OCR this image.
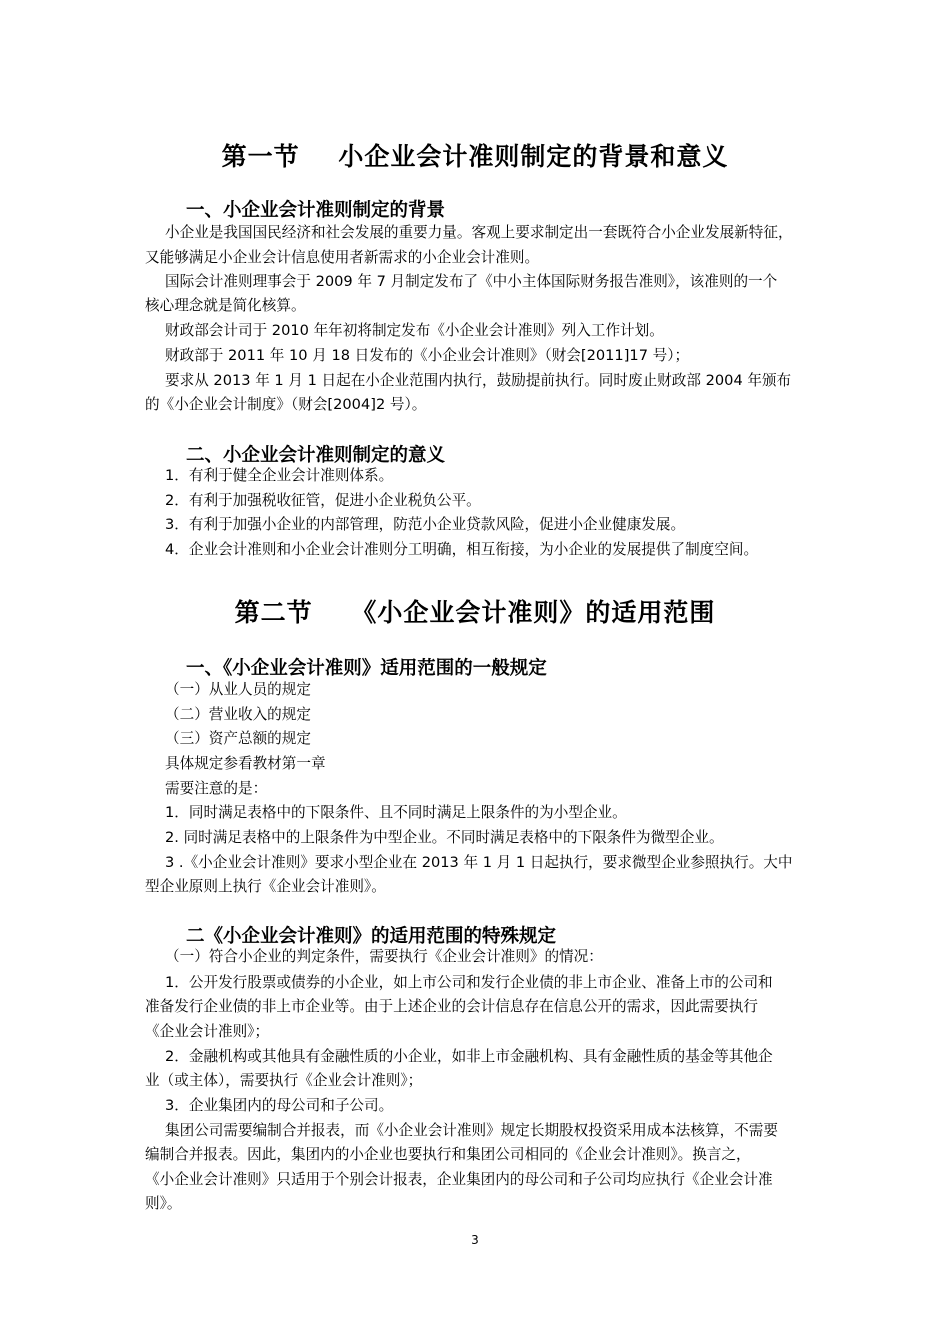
第一节    小企业会计准则制定的背景和意义
一、小企业会计准则制定的背景
小企业是我国国民经济和社会发展的重要力量。客观上要求制定出一套既符合小企业发展新特征，
又能够满足小企业会计信息使用者新需求的小企业会计准则。
国际会计准则理事会于 2009 年 7 月制定发布了《中小主体国际财务报告准则》，该准则的一个
核心理念就是简化核算。
财政部会计司于 2010 年年初将制定发布《小企业会计准则》列入工作计划。
财政部于 2011 年 10 月 18 日发布的《小企业会计准则》（财会[2011]17 号）；
要求从 2013 年 1 月 1 日起在小企业范围内执行，鼓励提前执行。同时废止财政部 2004 年颁布
的《小企业会计制度》（财会[2004]2 号）。
二、小企业会计准则制定的意义
1．有利于健全企业会计准则体系。
2．有利于加强税收征管，促进小企业税负公平。
3．有利于加强小企业的内部管理，防范小企业贷款风险，促进小企业健康发展。
4．企业会计准则和小企业会计准则分工明确，相互衔接，为小企业的发展提供了制度空间。
第二节    《小企业会计准则》的适用范围
一、《小企业会计准则》适用范围的一般规定
（一）从业人员的规定
（二）营业收入的规定
（三）资产总额的规定
具体规定参看教材第一章
需要注意的是：
1．同时满足表格中的下限条件、且不同时满足上限条件的为小型企业。
2. 同时满足表格中的上限条件为中型企业。不同时满足表格中的下限条件为微型企业。
3 .《小企业会计准则》要求小型企业在 2013 年 1 月 1 日起执行，要求微型企业参照执行。大中
型企业原则上执行《企业会计准则》。
二《小企业会计准则》的适用范围的特殊规定
（一）符合小企业的判定条件，需要执行《企业会计准则》的情况：
1．公开发行股票或债券的小企业，如上市公司和发行企业债的非上市企业、准备上市的公司和
准备发行企业债的非上市企业等。由于上述企业的会计信息存在信息公开的需求，因此需要执行
《企业会计准则》；
2．金融机构或其他具有金融性质的小企业，如非上市金融机构、具有金融性质的基金等其他企
业（或主体），需要执行《企业会计准则》；
3．企业集团内的母公司和子公司。
集团公司需要编制合并报表，而《小企业会计准则》规定长期股权投资采用成本法核算，不需要
编制合并报表。因此，集团内的小企业也要执行和集团公司相同的《企业会计准则》。换言之，
《小企业会计准则》只适用于个别会计报表，企业集团内的母公司和子公司均应执行《企业会计准
则》。
3
